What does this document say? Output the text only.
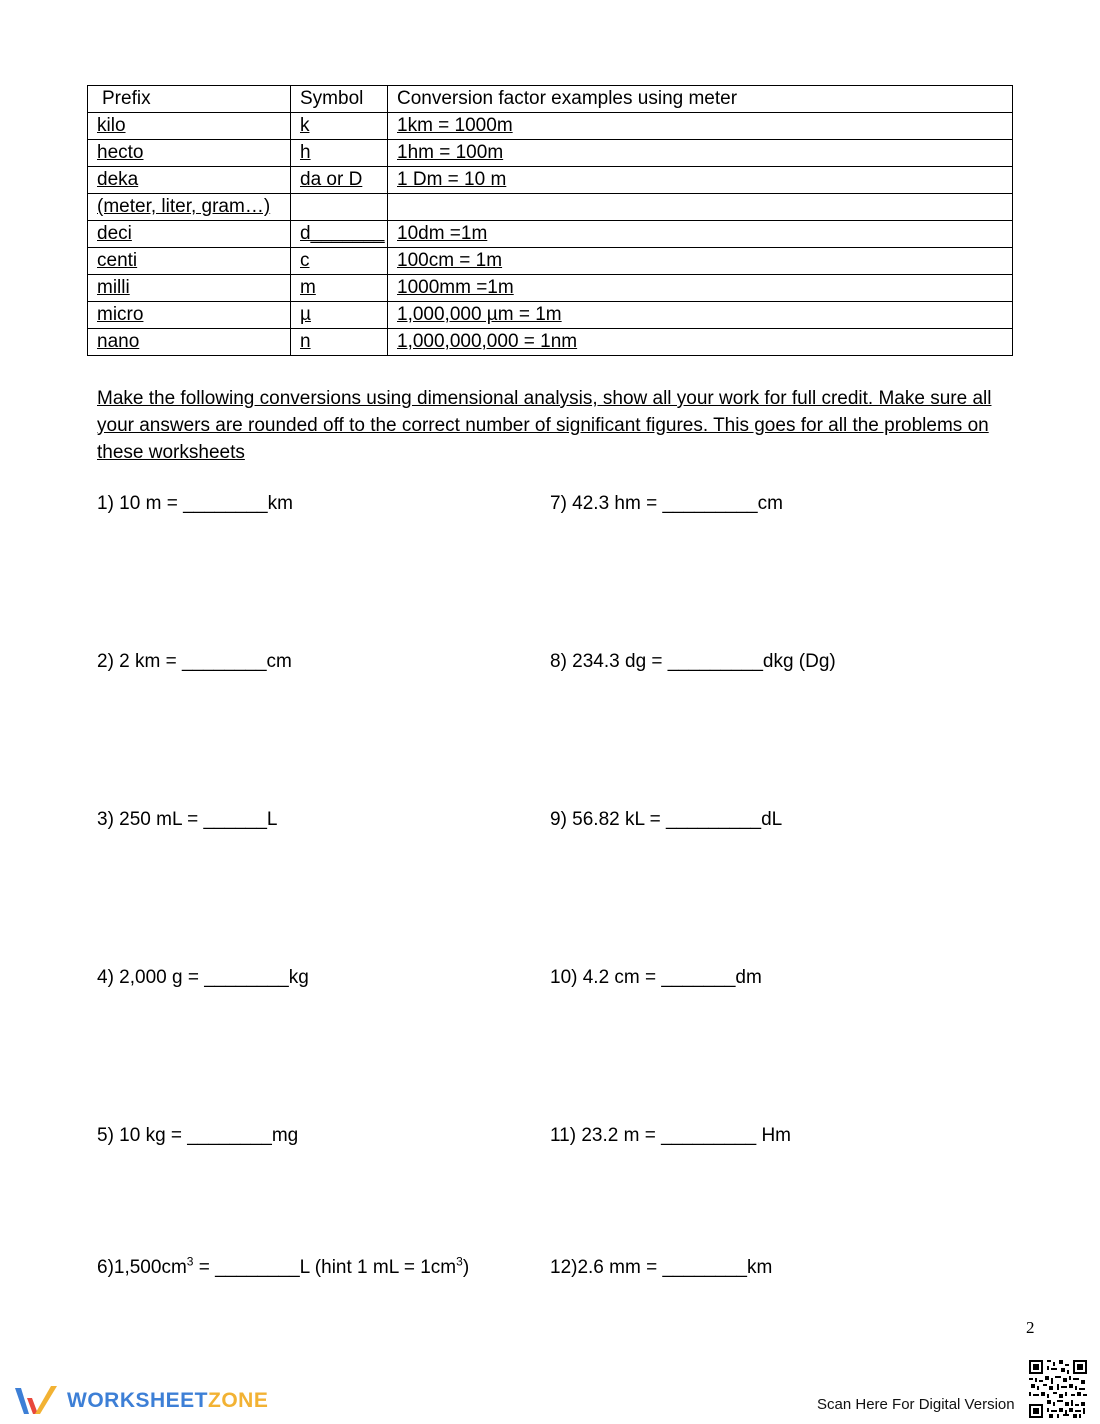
Prefix	Symbol	Conversion factor examples using meter
kilo	k	1km = 1000m
hecto	h	1hm = 100m
deka	da or D	1 Dm = 10 m
(meter, liter, gram…)		
deci	d_______	10dm =1m
centi	c	100cm = 1m
milli	m	1000mm =1m
micro	µ	1,000,000 µm = 1m
nano	n	1,000,000,000 = 1nm
Make the following conversions using dimensional analysis, show all your work for full credit. Make sure all your answers are rounded off to the correct number of significant figures. This goes for all the problems on these worksheets
1) 10 m = ________km
2) 2 km = ________cm
3) 250 mL = ______L
4) 2,000 g = ________kg
5) 10 kg = ________mg
$6)1,500cm^3$ = ________L (hint 1 mL = $1cm^3$)
7) 42.3 hm = _________cm
8) 234.3 dg = _________dkg (Dg)
9) 56.82 kL = _________dL
10) 4.2 cm = _______dm
11) 23.2 m = _________ Hm
12)2.6 mm = ________km
2
WORKSHEETZONE	Scan Here For Digital Version
